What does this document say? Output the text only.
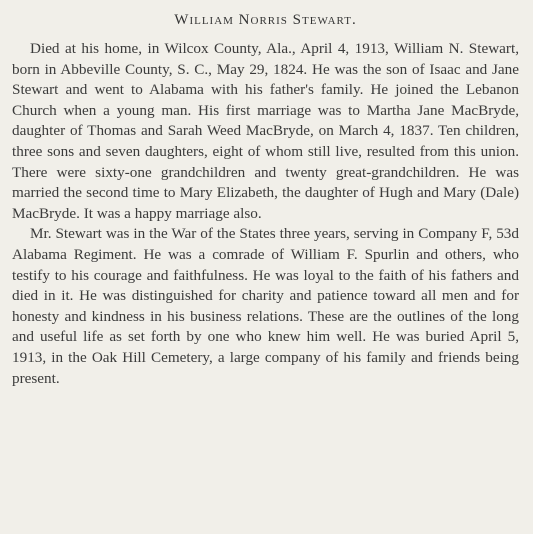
William Norris Stewart.

Died at his home, in Wilcox County, Ala., April 4, 1913, William N. Stewart, born in Abbeville County, S. C., May 29, 1824. He was the son of Isaac and Jane Stewart and went to Alabama with his father's family. He joined the Lebanon Church when a young man. His first marriage was to Martha Jane MacBryde, daughter of Thomas and Sarah Weed MacBryde, on March 4, 1837. Ten children, three sons and seven daughters, eight of whom still live, resulted from this union. There were sixty-one grandchildren and twenty great-grandchildren. He was married the second time to Mary Elizabeth, the daughter of Hugh and Mary (Dale) MacBryde. It was a happy marriage also.

Mr. Stewart was in the War of the States three years, serving in Company F, 53d Alabama Regiment. He was a comrade of William F. Spurlin and others, who testify to his courage and faithfulness. He was loyal to the faith of his fathers and died in it. He was distinguished for charity and patience toward all men and for honesty and kindness in his business relations. These are the outlines of the long and useful life as set forth by one who knew him well. He was buried April 5, 1913, in the Oak Hill Cemetery, a large company of his family and friends being present.
